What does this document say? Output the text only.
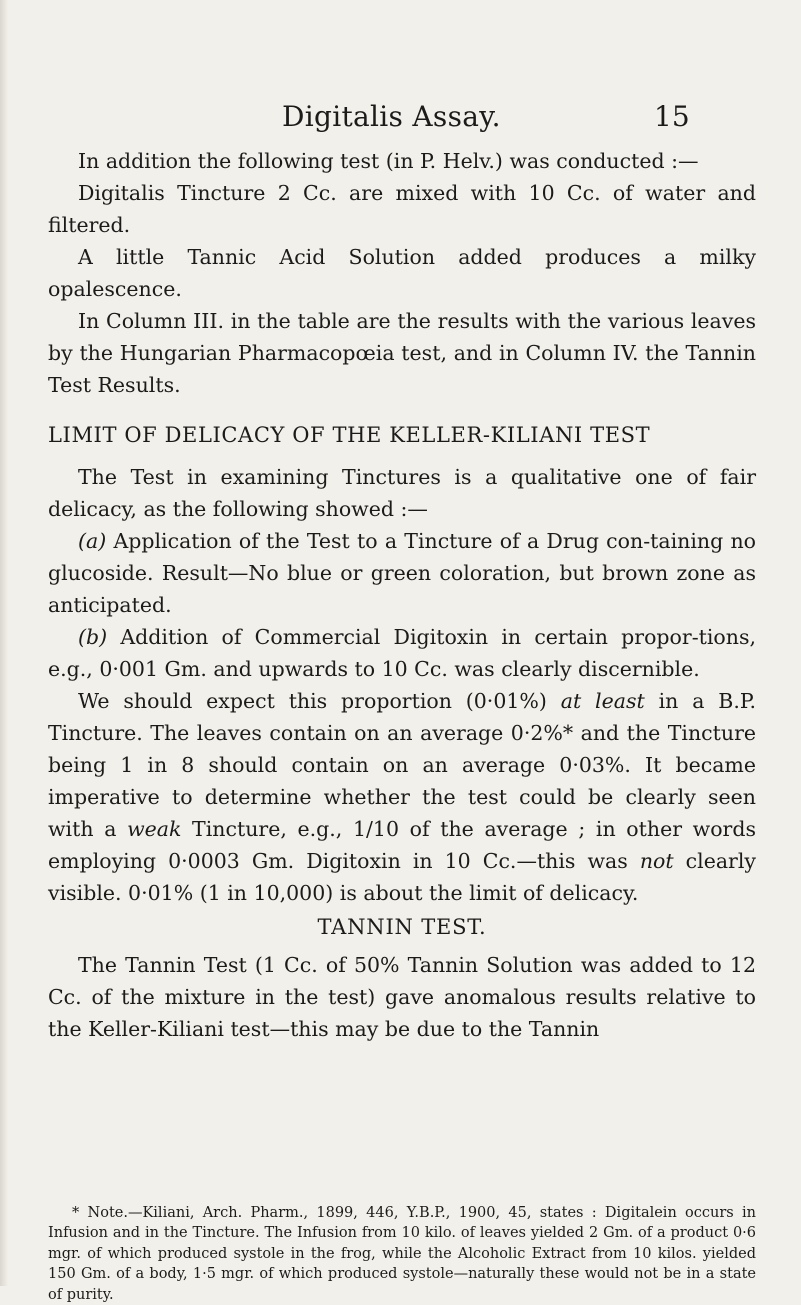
Digitalis Assay.	15

In addition the following test (in P. Helv.) was conducted :—

Digitalis Tincture 2 Cc. are mixed with 10 Cc. of water and filtered.

A little Tannic Acid Solution added produces a milky opalescence.

In Column III. in the table are the results with the various leaves by the Hungarian Pharmacopœia test, and in Column IV. the Tannin Test Results.

LIMIT OF DELICACY OF THE KELLER-KILIANI TEST

The Test in examining Tinctures is a qualitative one of fair delicacy, as the following showed :—

(a) Application of the Test to a Tincture of a Drug con-taining no glucoside. Result—No blue or green coloration, but brown zone as anticipated.

(b) Addition of Commercial Digitoxin in certain propor-tions, e.g., 0·001 Gm. and upwards to 10 Cc. was clearly discernible.

We should expect this proportion (0·01%) at least in a B.P. Tincture. The leaves contain on an average 0·2%* and the Tincture being 1 in 8 should contain on an average 0·03%. It became imperative to determine whether the test could be clearly seen with a weak Tincture, e.g., 1/10 of the average ; in other words employing 0·0003 Gm. Digitoxin in 10 Cc.—this was not clearly visible. 0·01% (1 in 10,000) is about the limit of delicacy.

TANNIN TEST.

The Tannin Test (1 Cc. of 50% Tannin Solution was added to 12 Cc. of the mixture in the test) gave anomalous results relative to the Keller-Kiliani test—this may be due to the Tannin

* Note.—Kiliani, Arch. Pharm., 1899, 446, Y.B.P., 1900, 45, states : Digitalein occurs in Infusion and in the Tincture. The Infusion from 10 kilo. of leaves yielded 2 Gm. of a product 0·6 mgr. of which produced systole in the frog, while the Alcoholic Extract from 10 kilos. yielded 150 Gm. of a body, 1·5 mgr. of which produced systole—naturally these would not be in a state of purity.
